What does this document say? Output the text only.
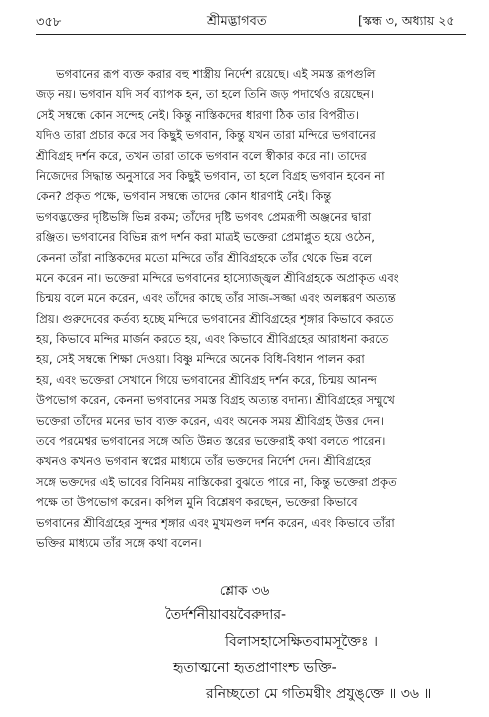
৩৫৮	শ্রীমদ্ভাগবত	[স্কন্ধ ৩, অধ্যায় ২৫
ভগবানের রূপ ব্যক্ত করার বহু শাস্ত্রীয় নির্দেশ রয়েছে। এই সমস্ত রূপগুলি
জড় নয়। ভগবান যদি সর্ব ব্যাপক হন, তা হলে তিনি জড় পদার্থেও রয়েছেন।
সেই সম্বন্ধে কোন সন্দেহ নেই। কিন্তু নাস্তিকদের ধারণা ঠিক তার বিপরীত।
যদিও তারা প্রচার করে সব কিছুই ভগবান, কিন্তু যখন তারা মন্দিরে ভগবানের
শ্রীবিগ্রহ দর্শন করে, তখন তারা তাকে ভগবান বলে স্বীকার করে না। তাদের
নিজেদের সিদ্ধান্ত অনুসারে সব কিছুই ভগবান, তা হলে বিগ্রহ ভগবান হবেন না
কেন? প্রকৃত পক্ষে, ভগবান সম্বন্ধে তাদের কোন ধারণাই নেই। কিন্তু
ভগবদ্ভক্তের দৃষ্টিভঙ্গি ভিন্ন রকম; তাঁদের দৃষ্টি ভগবৎ প্রেমরূপী অঞ্জনের দ্বারা
রঞ্জিত। ভগবানের বিভিন্ন রূপ দর্শন করা মাত্রই ভক্তেরা প্রেমাপ্লুত হয়ে ওঠেন,
কেননা তাঁরা নাস্তিকদের মতো মন্দিরে তাঁর শ্রীবিগ্রহকে তাঁর থেকে ভিন্ন বলে
মনে করেন না। ভক্তেরা মন্দিরে ভগবানের হাস্যোজ্জ্বল শ্রীবিগ্রহকে অপ্রাকৃত এবং
চিন্ময় বলে মনে করেন, এবং তাঁদের কাছে তাঁর সাজ-সজ্জা এবং অলঙ্করণ অত্যন্ত
প্রিয়। গুরুদেবের কর্তব্য হচ্ছে মন্দিরে ভগবানের শ্রীবিগ্রহের শৃঙ্গার কিভাবে করতে
হয়, কিভাবে মন্দির মার্জন করতে হয়, এবং কিভাবে শ্রীবিগ্রহের আরাধনা করতে
হয়, সেই সম্বন্ধে শিক্ষা দেওয়া। বিষ্ণু মন্দিরে অনেক বিধি-বিধান পালন করা
হয়, এবং ভক্তেরা সেখানে গিয়ে ভগবানের শ্রীবিগ্রহ দর্শন করে, চিন্ময় আনন্দ
উপভোগ করেন, কেননা ভগবানের সমস্ত বিগ্রহ অত্যন্ত বদান্য। শ্রীবিগ্রহের সম্মুখে
ভক্তেরা তাঁদের মনের ভাব ব্যক্ত করেন, এবং অনেক সময় শ্রীবিগ্রহ উত্তর দেন।
তবে পরমেশ্বর ভগবানের সঙ্গে অতি উন্নত স্তরের ভক্তেরাই কথা বলতে পারেন।
কখনও কখনও ভগবান স্বপ্নের মাধ্যমে তাঁর ভক্তদের নির্দেশ দেন। শ্রীবিগ্রহের
সঙ্গে ভক্তদের এই ভাবের বিনিময় নাস্তিকেরা বুঝতে পারে না, কিন্তু ভক্তেরা প্রকৃত
পক্ষে তা উপভোগ করেন। কপিল মুনি বিশ্লেষণ করছেন, ভক্তেরা কিভাবে
ভগবানের শ্রীবিগ্রহের সুন্দর শৃঙ্গার এবং মুখমণ্ডল দর্শন করেন, এবং কিভাবে তাঁরা
ভক্তির মাধ্যমে তাঁর সঙ্গে কথা বলেন।
শ্লোক ৩৬
তৈর্দর্শনীয়াবয়বৈরুদার-
বিলাসহাসেক্ষিতবামসূক্তৈঃ ।
হৃতাত্মনো হৃতপ্রাণাংশ্চ ভক্তি-
রনিচ্ছতো মে গতিমণ্বীং প্রযুঙ্‌ক্তে ॥ ৩৬ ॥
